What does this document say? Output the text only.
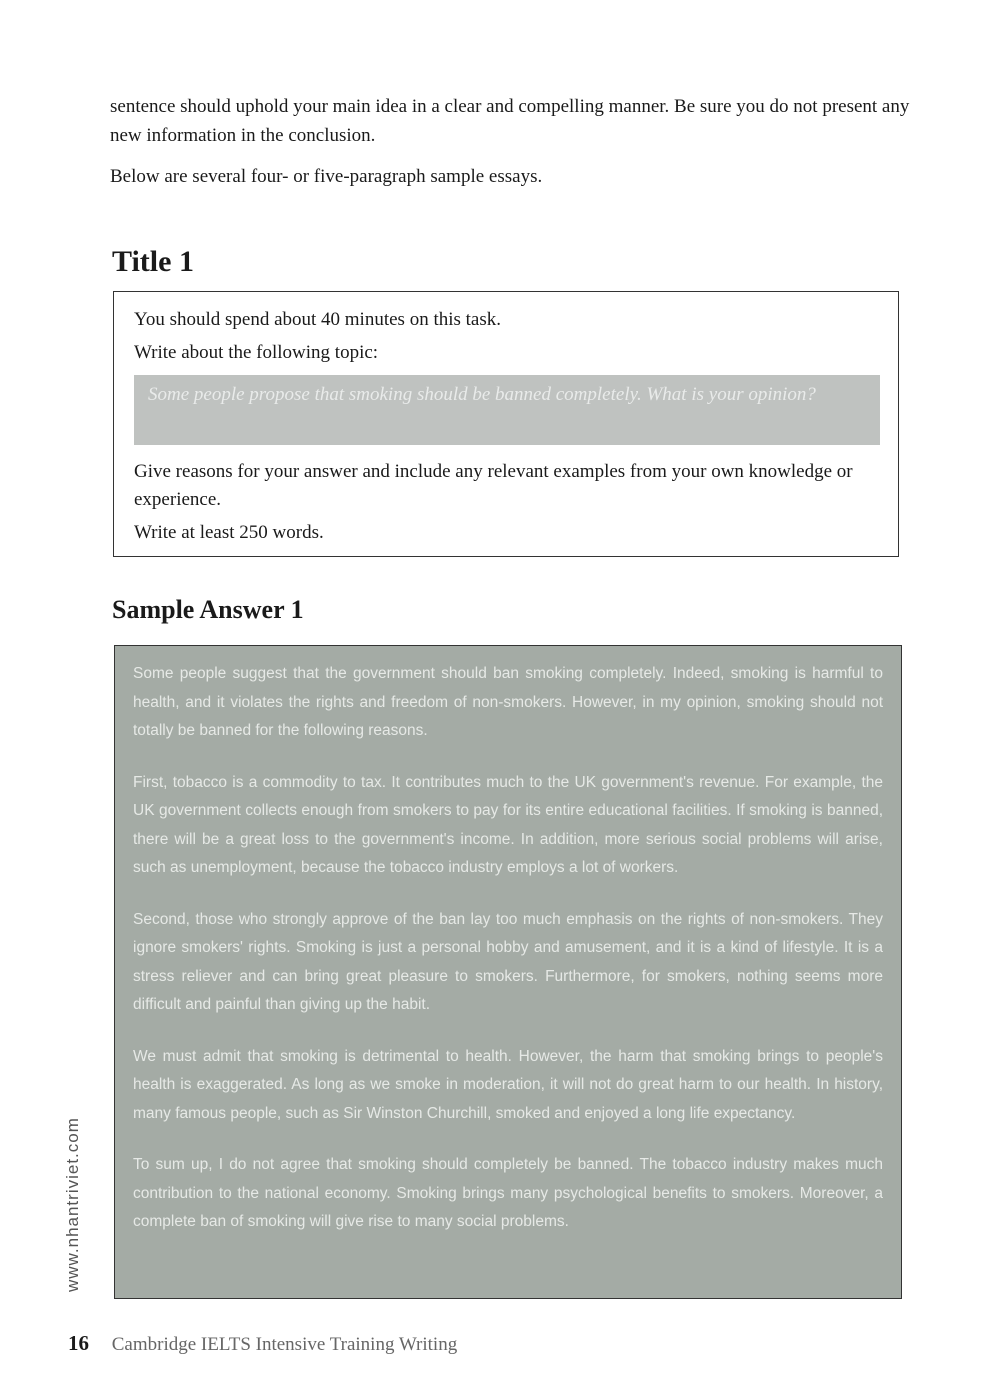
sentence should uphold your main idea in a clear and compelling manner. Be sure you do not present any new information in the conclusion.

Below are several four- or five-paragraph sample essays.

Title 1

You should spend about 40 minutes on this task.

Write about the following topic:

Some people propose that smoking should be banned completely. What is your opinion?

Give reasons for your answer and include any relevant examples from your own knowledge or experience.

Write at least 250 words.

Sample Answer 1

Some people suggest that the government should ban smoking completely. Indeed, smoking is harmful to health, and it violates the rights and freedom of non-smokers. However, in my opinion, smoking should not totally be banned for the following reasons.

First, tobacco is a commodity to tax. It contributes much to the UK government's revenue. For example, the UK government collects enough from smokers to pay for its entire educational facilities. If smoking is banned, there will be a great loss to the government's income. In addition, more serious social problems will arise, such as unemployment, because the tobacco industry employs a lot of workers.

Second, those who strongly approve of the ban lay too much emphasis on the rights of non-smokers. They ignore smokers' rights. Smoking is just a personal hobby and amusement, and it is a kind of lifestyle. It is a stress reliever and can bring great pleasure to smokers. Furthermore, for smokers, nothing seems more difficult and painful than giving up the habit.

We must admit that smoking is detrimental to health. However, the harm that smoking brings to people's health is exaggerated. As long as we smoke in moderation, it will not do great harm to our health. In history, many famous people, such as Sir Winston Churchill, smoked and enjoyed a long life expectancy.

To sum up, I do not agree that smoking should completely be banned. The tobacco industry makes much contribution to the national economy. Smoking brings many psychological benefits to smokers. Moreover, a complete ban of smoking will give rise to many social problems.

www.nhantriviet.com
16 Cambridge IELTS Intensive Training Writing
